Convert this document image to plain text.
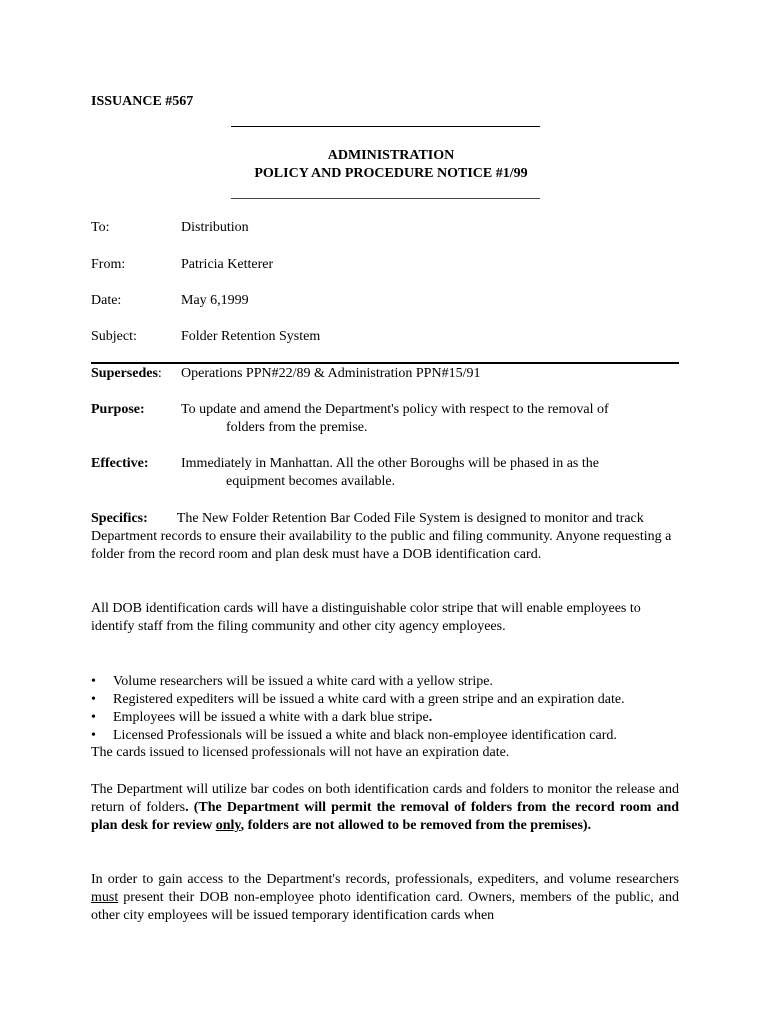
ISSUANCE #567
ADMINISTRATION
POLICY AND PROCEDURE NOTICE #1/99
To:	Distribution
From:	Patricia Ketterer
Date:	May 6,1999
Subject:	Folder Retention System
Supersedes: Operations PPN#22/89 & Administration PPN#15/91
Purpose:	To update and amend the Department's policy with respect to the removal of
folders from the premise.
Effective: Immediately in Manhattan. All the other Boroughs will be phased in as the
equipment becomes available.
Specifics: The New Folder Retention Bar Coded File System is designed to monitor and track Department records to ensure their availability to the public and filing community. Anyone requesting a folder from the record room and plan desk must have a DOB identification card.
All DOB identification cards will have a distinguishable color stripe that will enable employees to identify staff from the filing community and other city agency employees.
• Volume researchers will be issued a white card with a yellow stripe.
• Registered expediters will be issued a white card with a green stripe and an expiration date.
• Employees will be issued a white with a dark blue stripe.
• Licensed Professionals will be issued a white and black non-employee identification card.
The cards issued to licensed professionals will not have an expiration date.
The Department will utilize bar codes on both identification cards and folders to monitor the release and return of folders. (The Department will permit the removal of folders from the record room and plan desk for review only, folders are not allowed to be removed from the premises).
In order to gain access to the Department's records, professionals, expediters, and volume researchers must present their DOB non-employee photo identification card. Owners, members of the public, and other city employees will be issued temporary identification cards when
